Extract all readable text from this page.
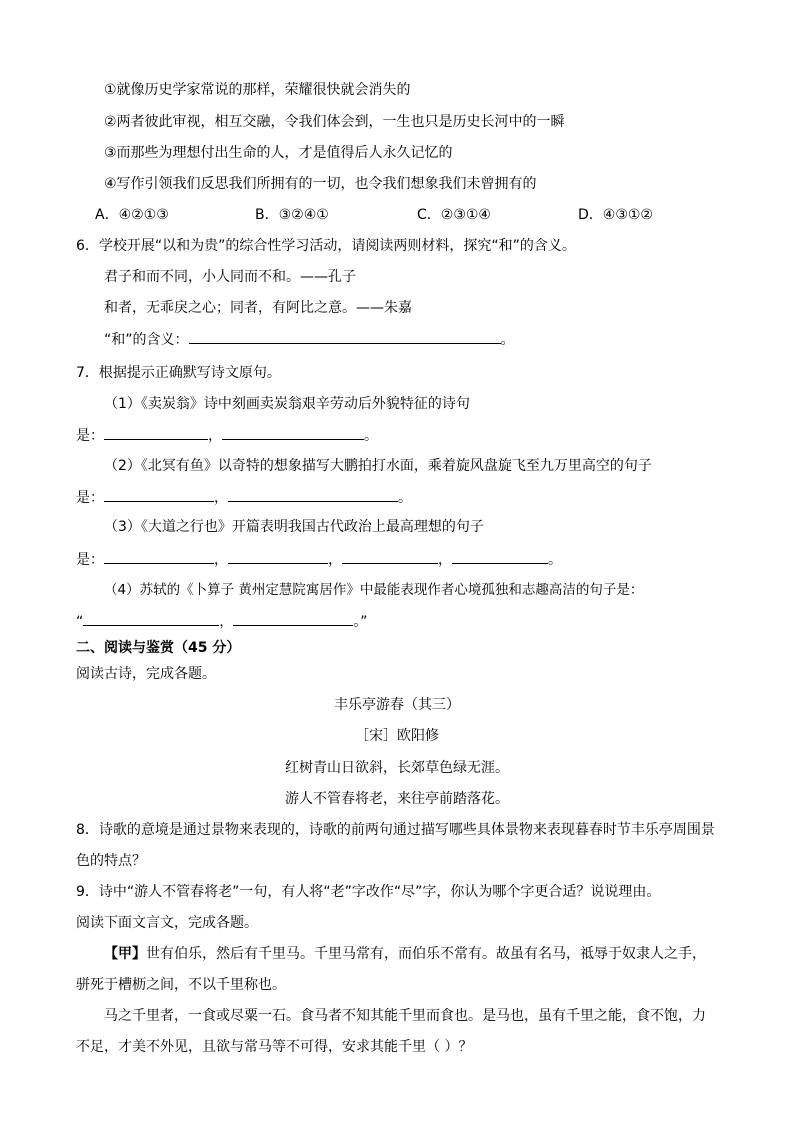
①就像历史学家常说的那样，荣耀很快就会消失的
②两者彼此审视，相互交融，令我们体会到，一生也只是历史长河中的一瞬
③而那些为理想付出生命的人，才是值得后人永久记忆的
④写作引领我们反思我们所拥有的一切，也令我们想象我们未曾拥有的
A．④②①③	B．③②④①	C．②③①④	D．④③①②
6．学校开展“以和为贵”的综合性学习活动，请阅读两则材料，探究“和”的含义。
君子和而不同，小人同而不和。——孔子
和者，无乖戾之心；同者，有阿比之意。——朱嘉
“和”的含义：	。
7．根据提示正确默写诗文原句。
（1）《卖炭翁》诗中刻画卖炭翁艰辛劳动后外貌特征的诗句
是：	，	。
（2）《北冥有鱼》以奇特的想象描写大鹏拍打水面，乘着旋风盘旋飞至九万里高空的句子
是：	，	。
（3）《大道之行也》开篇表明我国古代政治上最高理想的句子
是：	，	，	，	。
（4）苏轼的《卜算子 黄州定慧院寓居作》中最能表现作者心境孤独和志趣高洁的句子是：
“	，	。”
二、阅读与鉴赏（45 分）
阅读古诗，完成各题。
丰乐亭游春（其三）
［宋］欧阳修
红树青山日欲斜，长郊草色绿无涯。
游人不管春将老，来往亭前踏落花。
8．诗歌的意境是通过景物来表现的，诗歌的前两句通过描写哪些具体景物来表现暮春时节丰乐亭周围景
色的特点？
9．诗中“游人不管春将老”一句，有人将“老”字改作“尽”字，你认为哪个字更合适？说说理由。
阅读下面文言文，完成各题。
【甲】世有伯乐，然后有千里马。千里马常有，而伯乐不常有。故虽有名马，祗辱于奴隶人之手，
骈死于槽枥之间，不以千里称也。
马之千里者，一食或尽粟一石。食马者不知其能千里而食也。是马也，虽有千里之能，食不饱，力
不足，才美不外见，且欲与常马等不可得，安求其能千里（ ）？
